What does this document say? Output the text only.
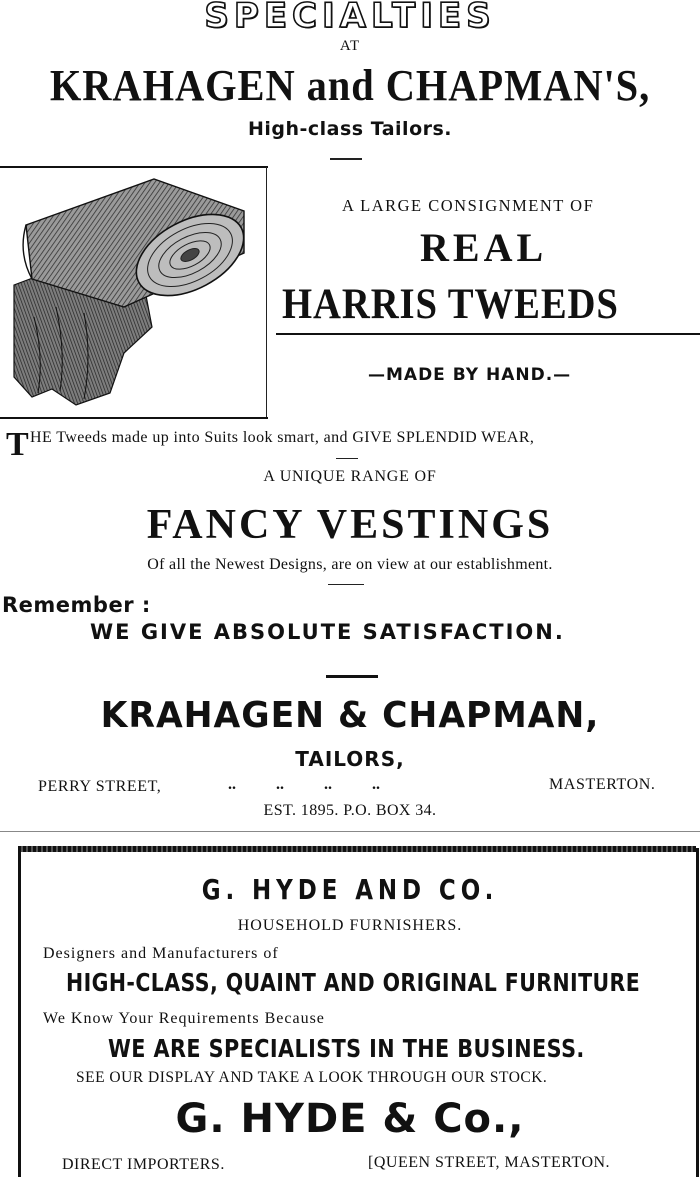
SPECIALTIES
AT
KRAHAGEN and CHAPMAN'S,
High-class Tailors.
A LARGE CONSIGNMENT OF
REAL
HARRIS TWEEDS
—MADE BY HAND.—
T HE Tweeds made up into Suits look smart, and GIVE SPLENDID WEAR,
A UNIQUE RANGE OF
FANCY VESTINGS
Of all the Newest Designs, are on view at our establishment.
Remember :
WE GIVE ABSOLUTE SATISFACTION.
KRAHAGEN & CHAPMAN,
TAILORS,
PERRY STREET,	..          ..          ..          ..	MASTERTON.
EST. 1895. P.O. BOX 34.
G. HYDE AND CO.
HOUSEHOLD FURNISHERS.
Designers and Manufacturers of
HIGH-CLASS, QUAINT AND ORIGINAL FURNITURE
We Know Your Requirements Because
WE ARE SPECIALISTS IN THE BUSINESS.
SEE OUR DISPLAY AND TAKE A LOOK THROUGH OUR STOCK.
G. HYDE & Co.,
DIRECT IMPORTERS.	[QUEEN STREET, MASTERTON.
